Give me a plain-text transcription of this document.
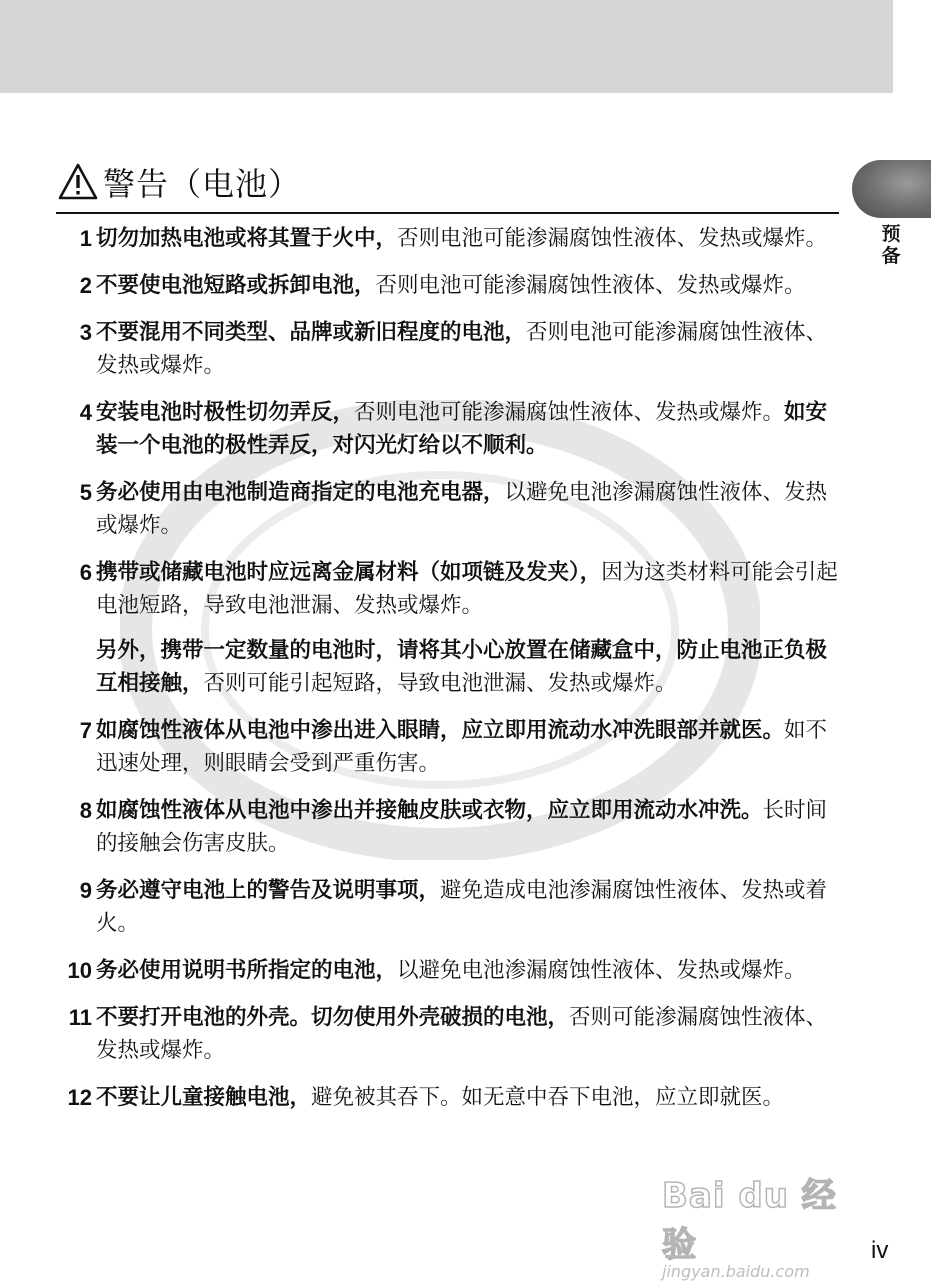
预
备
警告（电池）
1 切勿加热电池或将其置于火中，否则电池可能渗漏腐蚀性液体、发热或爆炸。
2 不要使电池短路或拆卸电池，否则电池可能渗漏腐蚀性液体、发热或爆炸。
3 不要混用不同类型、品牌或新旧程度的电池，否则电池可能渗漏腐蚀性液体、发热或爆炸。
4 安装电池时极性切勿弄反，否则电池可能渗漏腐蚀性液体、发热或爆炸。如安装一个电池的极性弄反，对闪光灯给以不顺利。
5 务必使用由电池制造商指定的电池充电器，以避免电池渗漏腐蚀性液体、发热或爆炸。
6 携带或储藏电池时应远离金属材料（如项链及发夹），因为这类材料可能会引起电池短路，导致电池泄漏、发热或爆炸。
另外，携带一定数量的电池时，请将其小心放置在储藏盒中，防止电池正负极互相接触，否则可能引起短路，导致电池泄漏、发热或爆炸。
7 如腐蚀性液体从电池中渗出进入眼睛，应立即用流动水冲洗眼部并就医。如不迅速处理，则眼睛会受到严重伤害。
8 如腐蚀性液体从电池中渗出并接触皮肤或衣物，应立即用流动水冲洗。长时间的接触会伤害皮肤。
9 务必遵守电池上的警告及说明事项，避免造成电池渗漏腐蚀性液体、发热或着火。
10 务必使用说明书所指定的电池，以避免电池渗漏腐蚀性液体、发热或爆炸。
11 不要打开电池的外壳。切勿使用外壳破损的电池，否则可能渗漏腐蚀性液体、发热或爆炸。
12 不要让儿童接触电池，避免被其吞下。如无意中吞下电池，应立即就医。
Bai du 经验
jingyan.baidu.com
iv
